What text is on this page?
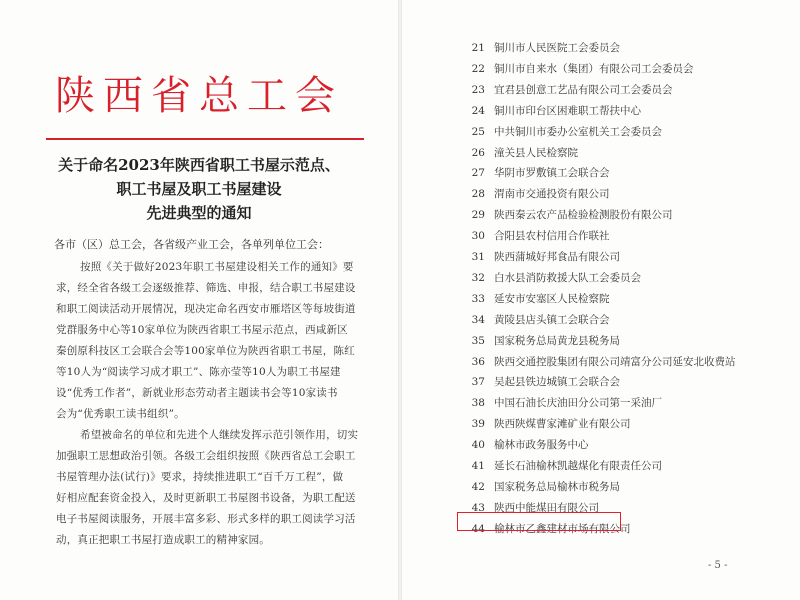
陕西省总工会
关于命名2023年陕西省职工书屋示范点、
职工书屋及职工书屋建设
先进典型的通知
各市（区）总工会，各省级产业工会，各单列单位工会：
按照《关于做好2023年职工书屋建设相关工作的通知》要
求，经全省各级工会逐级推荐、筛选、申报，结合职工书屋建设
和职工阅读活动开展情况，现决定命名西安市雁塔区等每坡街道
党群服务中心等10家单位为陕西省职工书屋示范点，西咸新区
秦创原科技区工会联合会等100家单位为陕西省职工书屋，陈红
等10人为“阅读学习成才职工”、陈亦莹等10人为职工书屋建
设“优秀工作者”，新就业形态劳动者主题读书会等10家读书
会为“优秀职工读书组织”。
希望被命名的单位和先进个人继续发挥示范引领作用，切实
加强职工思想政治引领。各级工会组织按照《陕西省总工会职工
书屋管理办法(试行)》要求，持续推进职工“百千万工程”，做
好相应配套资金投入，及时更新职工书屋图书设备，为职工配送
电子书屋阅读服务，开展丰富多彩、形式多样的职工阅读学习活
动，真正把职工书屋打造成职工的精神家园。
21 铜川市人民医院工会委员会
22 铜川市自来水（集团）有限公司工会委员会
23 宜君县创意工艺品有限公司工会委员会
24 铜川市印台区困难职工帮扶中心
25 中共铜川市委办公室机关工会委员会
26 潼关县人民检察院
27 华阴市罗敷镇工会联合会
28 渭南市交通投资有限公司
29 陕西秦云农产品检验检测股份有限公司
30 合阳县农村信用合作联社
31 陕西蒲城好邦食品有限公司
32 白水县消防救援大队工会委员会
33 延安市安塞区人民检察院
34 黄陵县店头镇工会联合会
35 国家税务总局黄龙县税务局
36 陕西交通控股集团有限公司靖富分公司延安北收费站
37 吴起县铁边城镇工会联合会
38 中国石油长庆油田分公司第一采油厂
39 陕西陕煤曹家滩矿业有限公司
40 榆林市政务服务中心
41 延长石油榆林凯越煤化有限责任公司
42 国家税务总局榆林市税务局
43 陕西中能煤田有限公司
44 榆林市乙鑫建材市场有限公司
- 5 -
